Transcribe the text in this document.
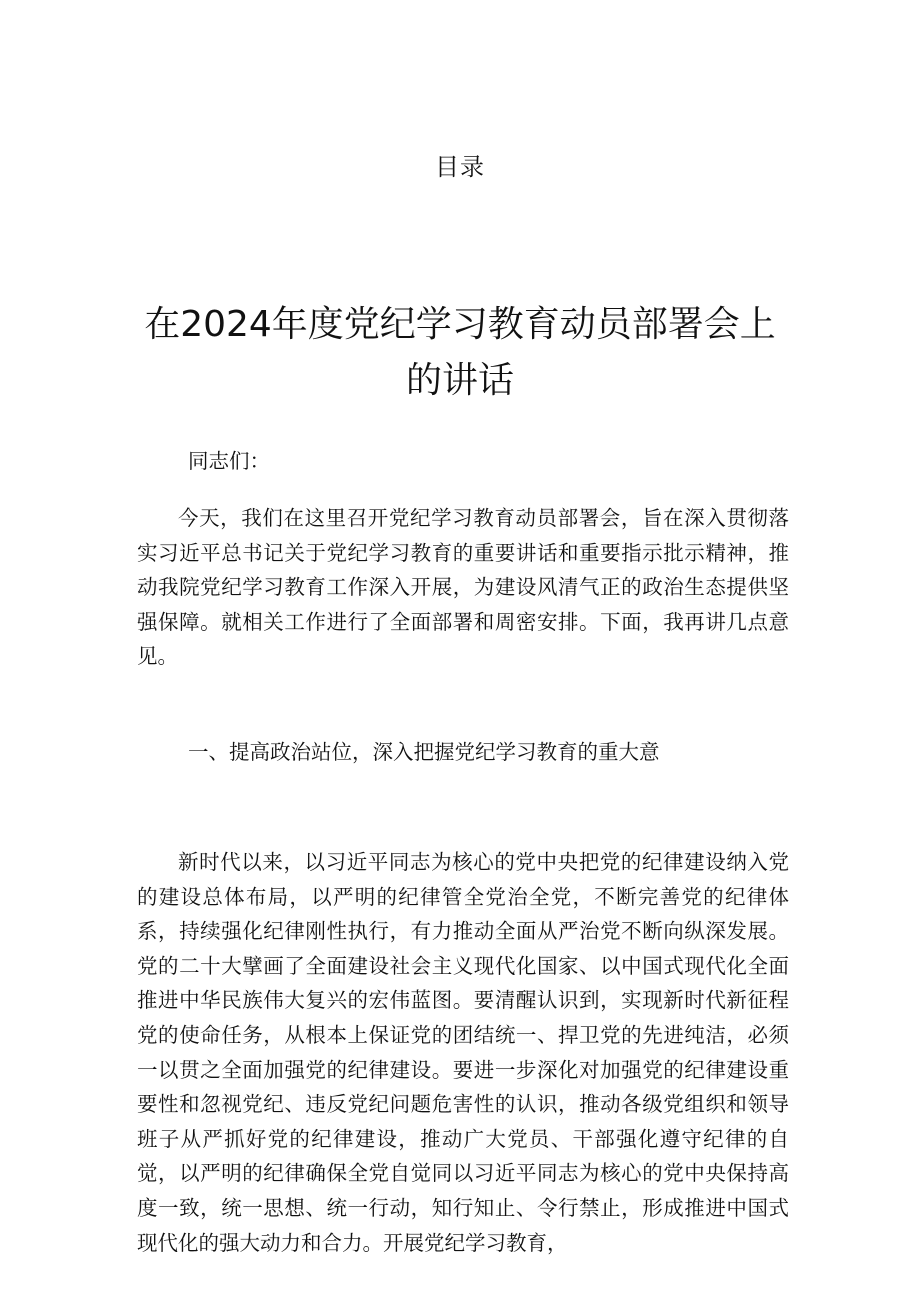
目录
在2024年度党纪学习教育动员部署会上的讲话
同志们：

今天，我们在这里召开党纪学习教育动员部署会，旨在深入贯彻落实习近平总书记关于党纪学习教育的重要讲话和重要指示批示精神，推动我院党纪学习教育工作深入开展，为建设风清气正的政治生态提供坚强保障。就相关工作进行了全面部署和周密安排。下面，我再讲几点意见。

一、提高政治站位，深入把握党纪学习教育的重大意

新时代以来，以习近平同志为核心的党中央把党的纪律建设纳入党的建设总体布局，以严明的纪律管全党治全党，不断完善党的纪律体系，持续强化纪律刚性执行，有力推动全面从严治党不断向纵深发展。党的二十大擘画了全面建设社会主义现代化国家、以中国式现代化全面推进中华民族伟大复兴的宏伟蓝图。要清醒认识到，实现新时代新征程党的使命任务，从根本上保证党的团结统一、捍卫党的先进纯洁，必须一以贯之全面加强党的纪律建设。要进一步深化对加强党的纪律建设重要性和忽视党纪、违反党纪问题危害性的认识，推动各级党组织和领导班子从严抓好党的纪律建设，推动广大党员、干部强化遵守纪律的自觉，以严明的纪律确保全党自觉同以习近平同志为核心的党中央保持高度一致，统一思想、统一行动，知行知止、令行禁止，形成推进中国式现代化的强大动力和合力。开展党纪学习教育，
